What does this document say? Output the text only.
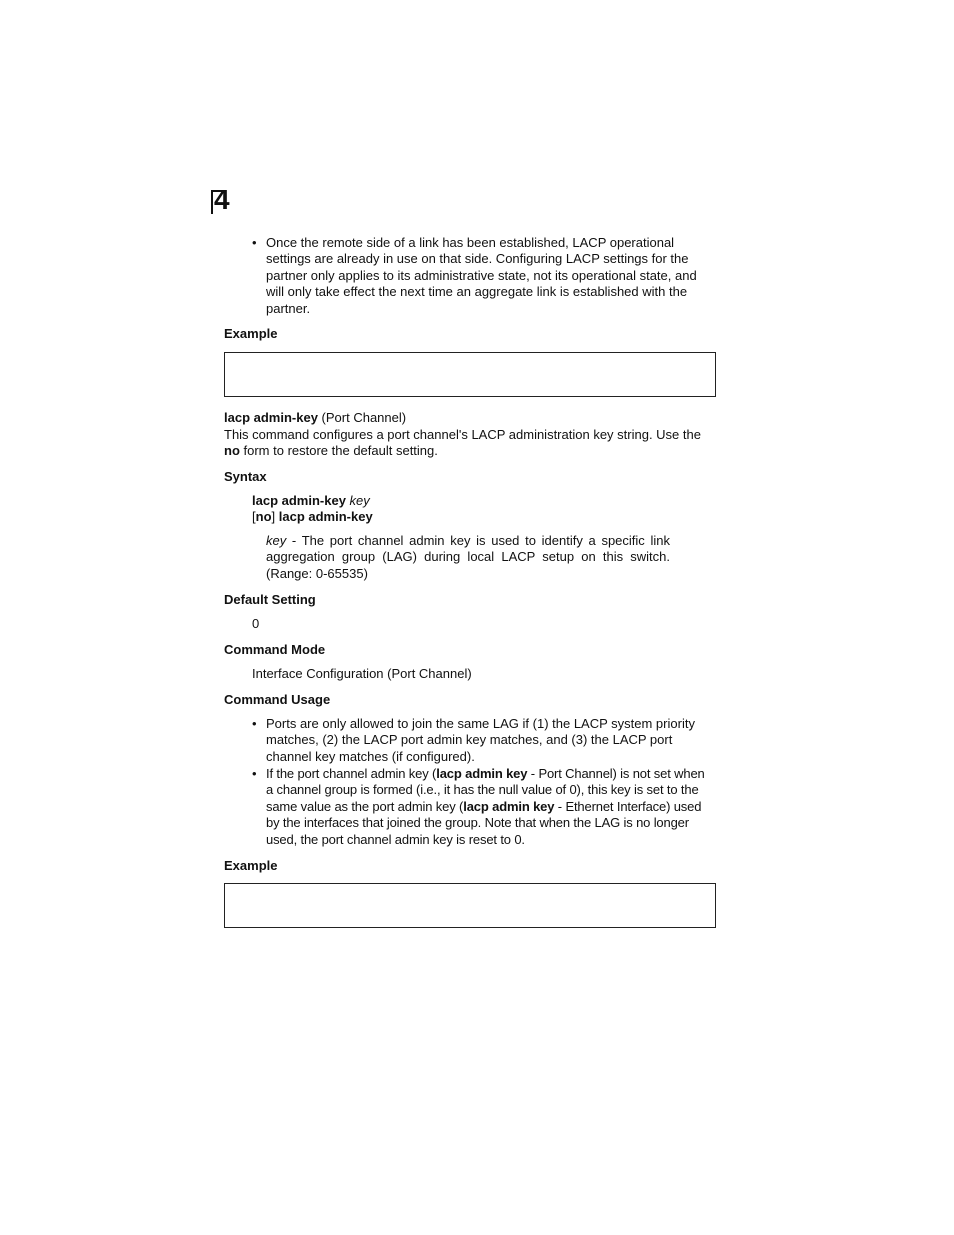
4
• Once the remote side of a link has been established, LACP operational settings are already in use on that side. Configuring LACP settings for the partner only applies to its administrative state, not its operational state, and will only take effect the next time an aggregate link is established with the partner.
Example
lacp admin-key (Port Channel)
This command configures a port channel's LACP administration key string. Use the
no form to restore the default setting.
Syntax
lacp admin-key key
[no] lacp admin-key
key - The port channel admin key is used to identify a specific link aggregation group (LAG) during local LACP setup on this switch. (Range: 0-65535)
Default Setting
0
Command Mode
Interface Configuration (Port Channel)
Command Usage
• Ports are only allowed to join the same LAG if (1) the LACP system priority matches, (2) the LACP port admin key matches, and (3) the LACP port channel key matches (if configured).
• If the port channel admin key (lacp admin key - Port Channel) is not set when a channel group is formed (i.e., it has the null value of 0), this key is set to the same value as the port admin key (lacp admin key - Ethernet Interface) used by the interfaces that joined the group. Note that when the LAG is no longer used, the port channel admin key is reset to 0.
Example
